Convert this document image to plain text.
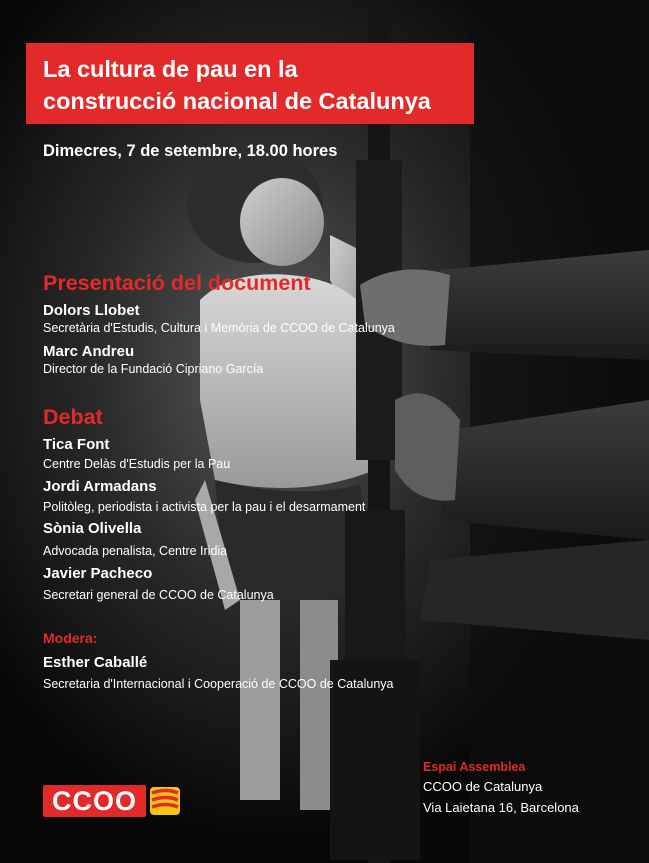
La cultura de pau en la
construcció nacional de Catalunya
Dimecres, 7 de setembre, 18.00 hores
Presentació del document
Dolors Llobet
Secretària d'Estudis, Cultura i Memòria de CCOO de Catalunya
Marc Andreu
Director de la Fundació Cipriano García
Debat
Tica Font
Centre Delàs d'Estudis per la Pau
Jordi Armadans
Politòleg, periodista i activista per la pau i el desarmament
Sònia Olivella
Advocada penalista, Centre Iridia
Javier Pacheco
Secretari general de CCOO de Catalunya
Modera:
Esther Caballé
Secretaria d'Internacional i Cooperació de CCOO de Catalunya
CCOO
Espai Assemblea
CCOO de Catalunya
Via Laietana 16, Barcelona
